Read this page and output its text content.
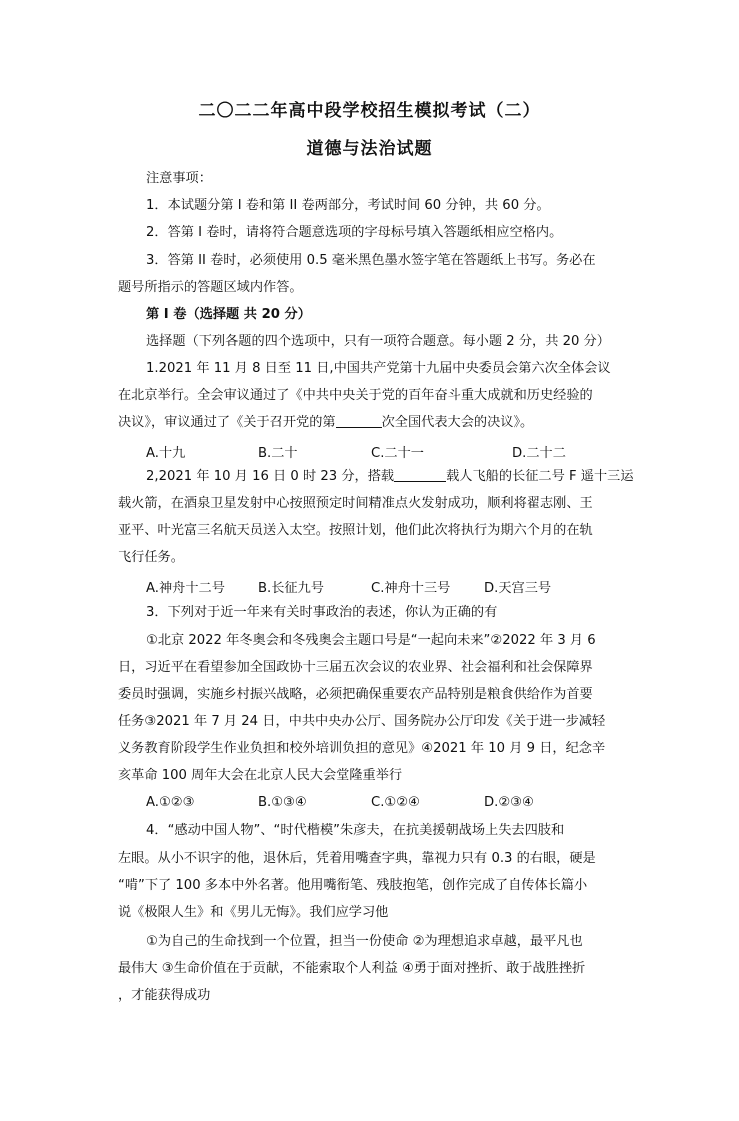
二〇二二年高中段学校招生模拟考试（二）
道德与法治试题
注意事项：
1．本试题分第 I 卷和第 II 卷两部分，考试时间 60 分钟，共 60 分。
2．答第 I 卷时，请将符合题意选项的字母标号填入答题纸相应空格内。
3．答第 II 卷时，必须使用 0.5 毫米黑色墨水签字笔在答题纸上书写。务必在
题号所指示的答题区域内作答。
第 I 卷（选择题 共 20 分）
选择题（下列各题的四个选项中，只有一项符合题意。每小题 2 分，共 20 分）
1.2021 年 11 月 8 日至 11 日,中国共产党第十九届中央委员会第六次全体会议
在北京举行。全会审议通过了《中共中央关于党的百年奋斗重大成就和历史经验的
决议》，审议通过了《关于召开党的第	次全国代表大会的决议》。
A.十九	B.二十	C.二十一	D.二十二
2,2021 年 10 月 16 日 0 时 23 分，搭载	载人飞船的长征二号 F 遥十三运
载火箭，在酒泉卫星发射中心按照预定时间精准点火发射成功，顺利将翟志刚、王
亚平、叶光富三名航天员送入太空。按照计划，他们此次将执行为期六个月的在轨
飞行任务。
A.神舟十二号	B.长征九号	C.神舟十三号	D.天宫三号
3．下列对于近一年来有关时事政治的表述，你认为正确的有
①北京 2022 年冬奥会和冬残奥会主题口号是“一起向未来”②2022 年 3 月 6
日，习近平在看望参加全国政协十三届五次会议的农业界、社会福利和社会保障界
委员时强调，实施乡村振兴战略，必须把确保重要农产品特别是粮食供给作为首要
任务③2021 年 7 月 24 日，中共中央办公厅、国务院办公厅印发《关于进一步减轻
义务教育阶段学生作业负担和校外培训负担的意见》④2021 年 10 月 9 日，纪念辛
亥革命 100 周年大会在北京人民大会堂隆重举行
A.①②③	B.①③④	C.①②④	D.②③④
4．“感动中国人物”、“时代楷模”朱彦夫，在抗美援朝战场上失去四肢和
左眼。从小不识字的他，退休后，凭着用嘴查字典，靠视力只有 0.3 的右眼，硬是
“啃”下了 100 多本中外名著。他用嘴衔笔、残肢抱笔，创作完成了自传体长篇小
说《极限人生》和《男儿无悔》。我们应学习他
①为自己的生命找到一个位置，担当一份使命 ②为理想追求卓越，最平凡也
最伟大 ③生命价值在于贡献，不能索取个人利益 ④勇于面对挫折、敢于战胜挫折
，才能获得成功
